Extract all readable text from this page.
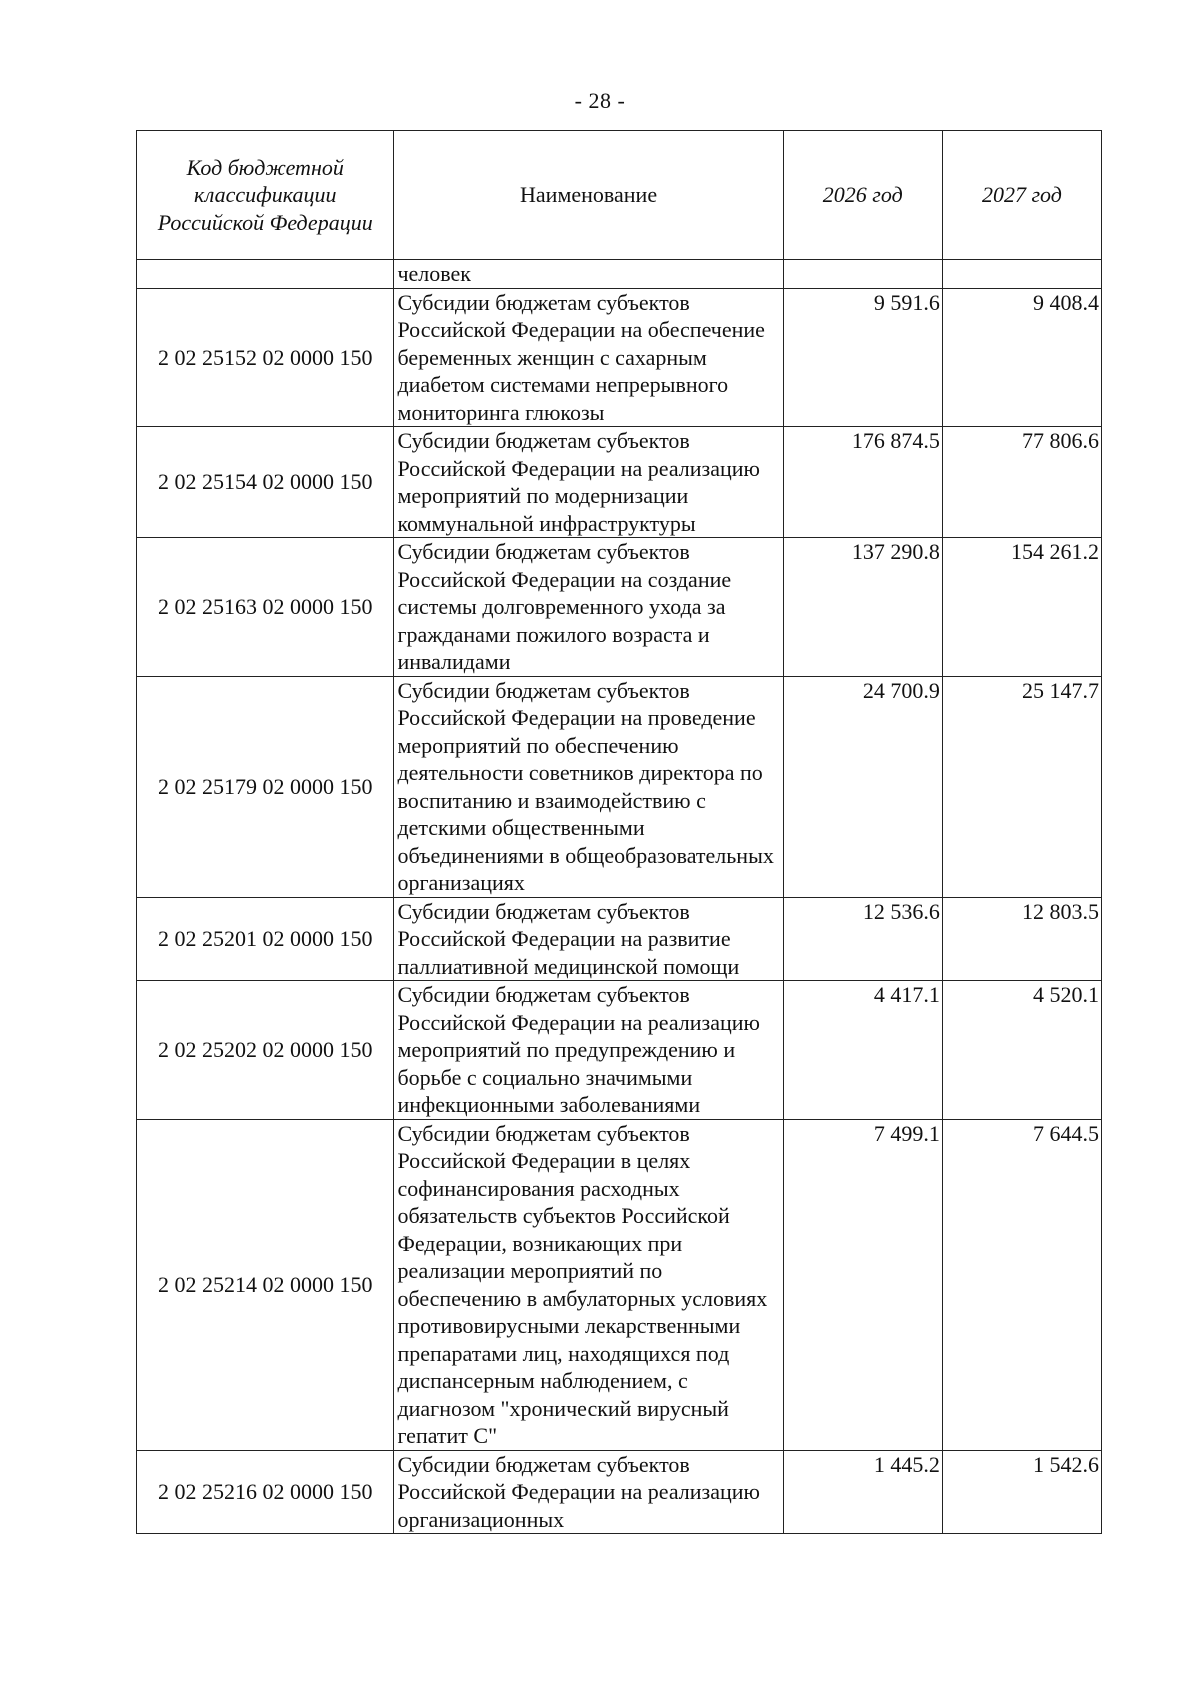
- 28 -
Код бюджетной классификации Российской Федерации	Наименование	2026 год	2027 год
	человек		
2 02 25152 02 0000 150	Субсидии бюджетам субъектов Российской Федерации на обеспечение беременных женщин с сахарным диабетом системами непрерывного мониторинга глюкозы	9 591.6	9 408.4
2 02 25154 02 0000 150	Субсидии бюджетам субъектов Российской Федерации на реализацию мероприятий по модернизации коммунальной инфраструктуры	176 874.5	77 806.6
2 02 25163 02 0000 150	Субсидии бюджетам субъектов Российской Федерации на создание системы долговременного ухода за гражданами пожилого возраста и инвалидами	137 290.8	154 261.2
2 02 25179 02 0000 150	Субсидии бюджетам субъектов Российской Федерации на проведение мероприятий по обеспечению деятельности советников директора по воспитанию и взаимодействию с детскими общественными объединениями в общеобразовательных организациях	24 700.9	25 147.7
2 02 25201 02 0000 150	Субсидии бюджетам субъектов Российской Федерации на развитие паллиативной медицинской помощи	12 536.6	12 803.5
2 02 25202 02 0000 150	Субсидии бюджетам субъектов Российской Федерации на реализацию мероприятий по предупреждению и борьбе с социально значимыми инфекционными заболеваниями	4 417.1	4 520.1
2 02 25214 02 0000 150	Субсидии бюджетам субъектов Российской Федерации в целях софинансирования расходных обязательств субъектов Российской Федерации, возникающих при реализации мероприятий по обеспечению в амбулаторных условиях противовирусными лекарственными препаратами лиц, находящихся под диспансерным наблюдением, с диагнозом "хронический вирусный гепатит С"	7 499.1	7 644.5
2 02 25216 02 0000 150	Субсидии бюджетам субъектов Российской Федерации на реализацию организационных	1 445.2	1 542.6
